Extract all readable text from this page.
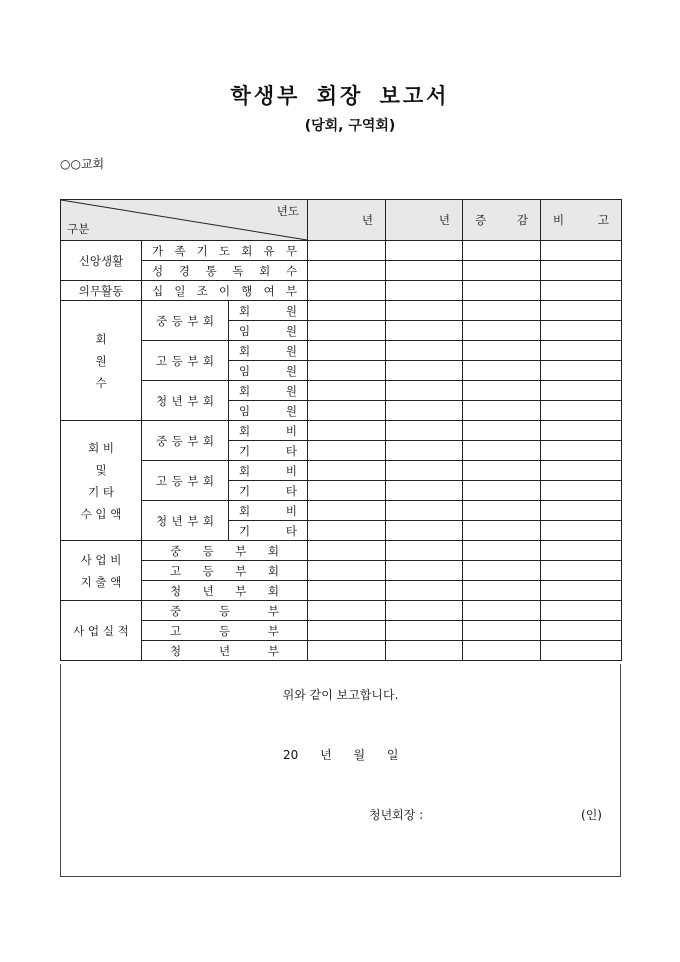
학생부 회장 보고서
(당회, 구역회)
○○교회
년도
구분			년	년	증 감	비 고

신앙생활	가 족 기 도 회 유 무					

	성 경 통 독 회 수					

의무활동	십 일 조 이 행 여 부					

회
원
수	중 등 부 회	회 원				

		임 원				

	고 등 부 회	회 원				

		임 원				

	청 년 부 회	회 원				

		임 원				

회 비
및
기 타
수 입 액	중 등 부 회	회 비				

		기 타				

	고 등 부 회	회 비				

		기 타				

	청 년 부 회	회 비				

		기 타				

사 업 비
지 출 액	중 등 부 회					

	고 등 부 회					

	청 년 부 회					

사 업 실 적	중 등 부					

	고 등 부					

	청 년 부					

위와 같이 보고합니다.
20 년 월 일
청년회장 :	(인)
